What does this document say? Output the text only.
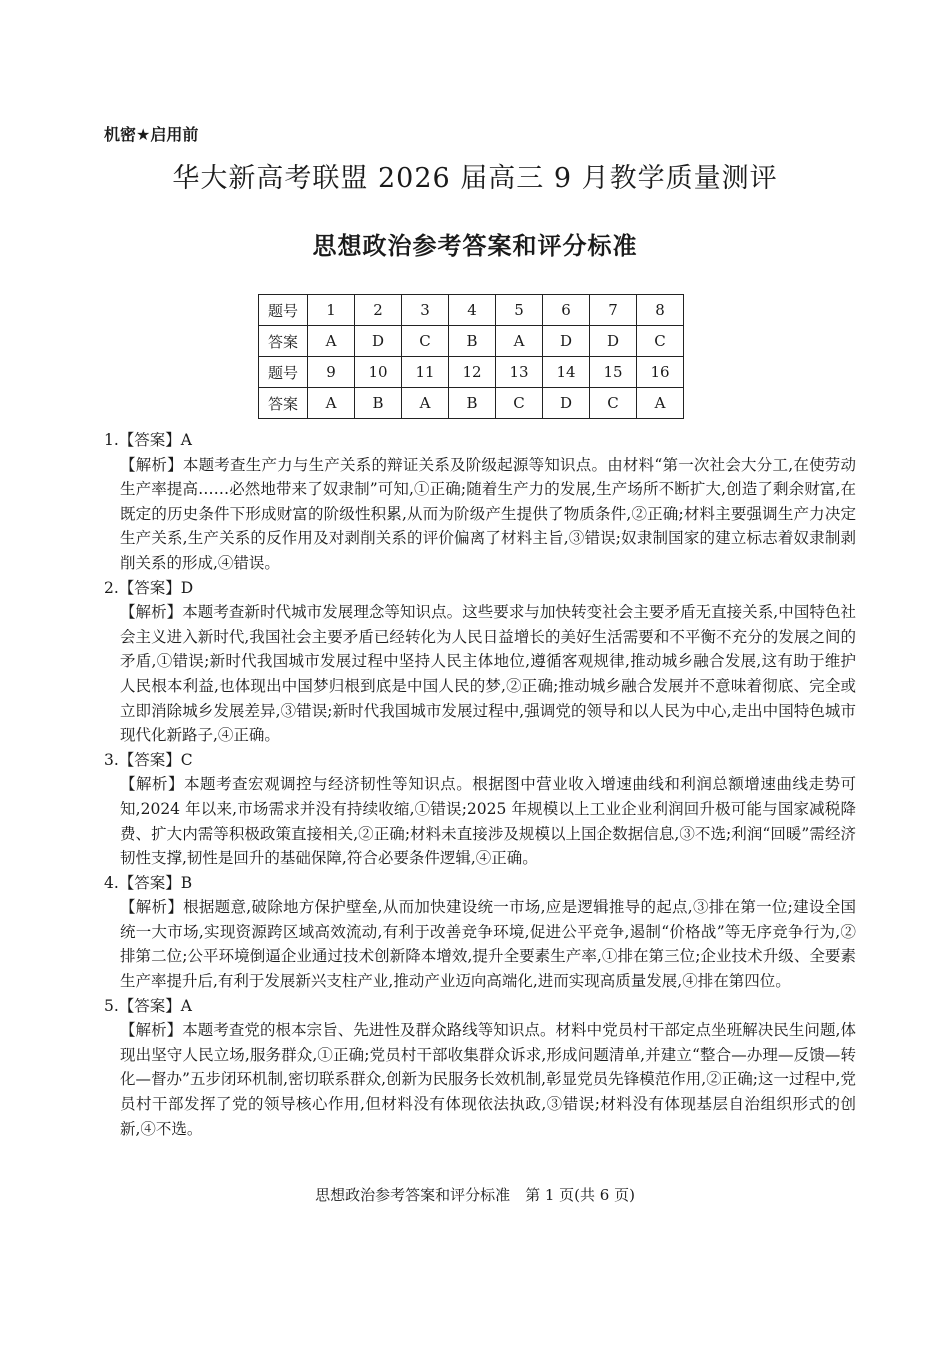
机密★启用前
华大新高考联盟 2026 届高三 9 月教学质量测评
思想政治参考答案和评分标准
题号	1	2	3	4	5	6	7	8
答案	A	D	C	B	A	D	D	C
题号	9	10	11	12	13	14	15	16
答案	A	B	A	B	C	D	C	A
1.【答案】A
【解析】本题考查生产力与生产关系的辩证关系及阶级起源等知识点。由材料“第一次社会大分工,在使劳动生产率提高……必然地带来了奴隶制”可知,①正确;随着生产力的发展,生产场所不断扩大,创造了剩余财富,在既定的历史条件下形成财富的阶级性积累,从而为阶级产生提供了物质条件,②正确;材料主要强调生产力决定生产关系,生产关系的反作用及对剥削关系的评价偏离了材料主旨,③错误;奴隶制国家的建立标志着奴隶制剥削关系的形成,④错误。
2.【答案】D
【解析】本题考查新时代城市发展理念等知识点。这些要求与加快转变社会主要矛盾无直接关系,中国特色社会主义进入新时代,我国社会主要矛盾已经转化为人民日益增长的美好生活需要和不平衡不充分的发展之间的矛盾,①错误;新时代我国城市发展过程中坚持人民主体地位,遵循客观规律,推动城乡融合发展,这有助于维护人民根本利益,也体现出中国梦归根到底是中国人民的梦,②正确;推动城乡融合发展并不意味着彻底、完全或立即消除城乡发展差异,③错误;新时代我国城市发展过程中,强调党的领导和以人民为中心,走出中国特色城市现代化新路子,④正确。
3.【答案】C
【解析】本题考查宏观调控与经济韧性等知识点。根据图中营业收入增速曲线和利润总额增速曲线走势可知,2024 年以来,市场需求并没有持续收缩,①错误;2025 年规模以上工业企业利润回升极可能与国家减税降费、扩大内需等积极政策直接相关,②正确;材料未直接涉及规模以上国企数据信息,③不选;利润“回暖”需经济韧性支撑,韧性是回升的基础保障,符合必要条件逻辑,④正确。
4.【答案】B
【解析】根据题意,破除地方保护壁垒,从而加快建设统一市场,应是逻辑推导的起点,③排在第一位;建设全国统一大市场,实现资源跨区域高效流动,有利于改善竞争环境,促进公平竞争,遏制“价格战”等无序竞争行为,②排第二位;公平环境倒逼企业通过技术创新降本增效,提升全要素生产率,①排在第三位;企业技术升级、全要素生产率提升后,有利于发展新兴支柱产业,推动产业迈向高端化,进而实现高质量发展,④排在第四位。
5.【答案】A
【解析】本题考查党的根本宗旨、先进性及群众路线等知识点。材料中党员村干部定点坐班解决民生问题,体现出坚守人民立场,服务群众,①正确;党员村干部收集群众诉求,形成问题清单,并建立“整合—办理—反馈—转化—督办”五步闭环机制,密切联系群众,创新为民服务长效机制,彰显党员先锋模范作用,②正确;这一过程中,党员村干部发挥了党的领导核心作用,但材料没有体现依法执政,③错误;材料没有体现基层自治组织形式的创新,④不选。
思想政治参考答案和评分标准　第 1 页(共 6 页)
